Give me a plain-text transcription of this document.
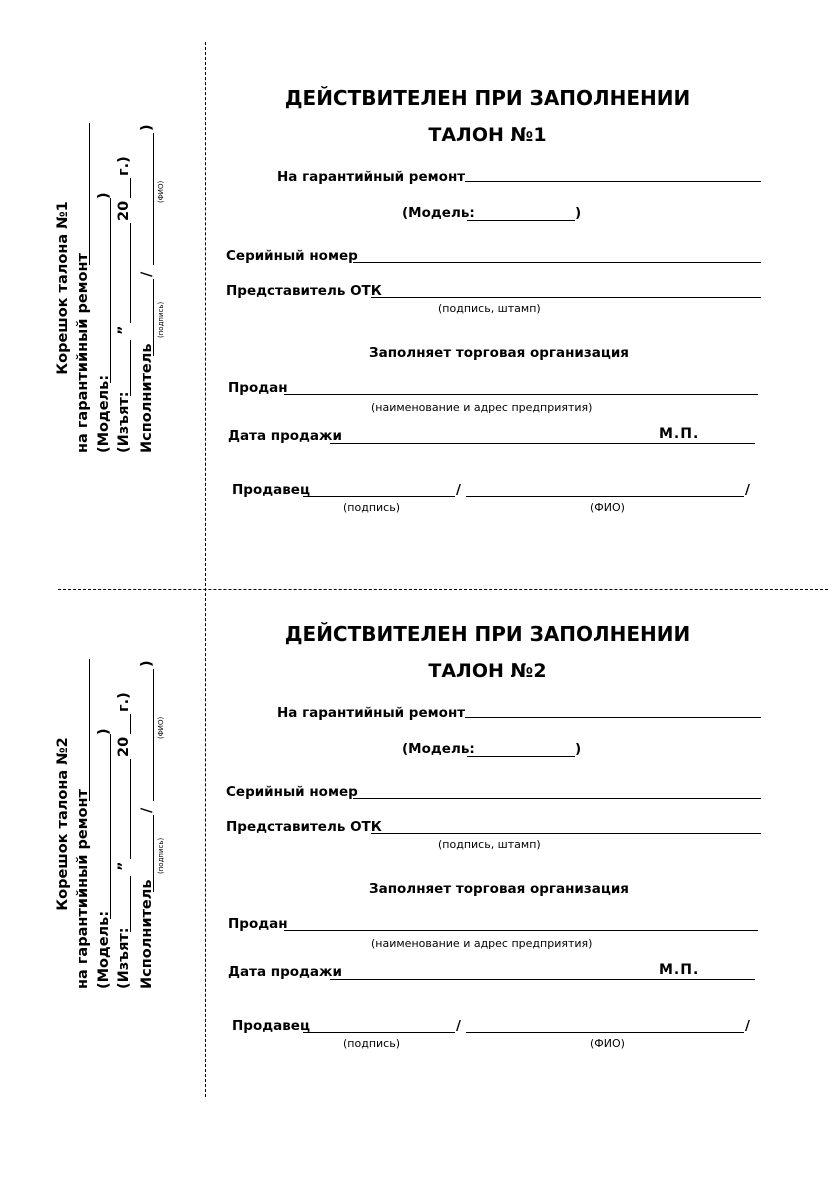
Корешок талона №1 на гарантийный ремонт (Модель:
)
(Изъят:
”
20
г.)
Исполнитель
/
)
(подпись)
(ФИО)
ДЕЙСТВИТЕЛЕН ПРИ ЗАПОЛНЕНИИ
ТАЛОН №1
На гарантийный ремонт
(Модель:	)
Серийный номер
Представитель ОТК
(подпись, штамп)
Заполняет торговая организация
Продан
(наименование и адрес предприятия)
Дата продажи	М.П.
Продавец	/	/
(подпись)	(ФИО)
Корешок талона №2 на гарантийный ремонт (Модель:
)
(Изъят:
”
20
г.)
Исполнитель
/
)
(подпись)
(ФИО)
ДЕЙСТВИТЕЛЕН ПРИ ЗАПОЛНЕНИИ
ТАЛОН №2
На гарантийный ремонт
(Модель:	)
Серийный номер
Представитель ОТК
(подпись, штамп)
Заполняет торговая организация
Продан
(наименование и адрес предприятия)
Дата продажи	М.П.
Продавец	/	/
(подпись)	(ФИО)
